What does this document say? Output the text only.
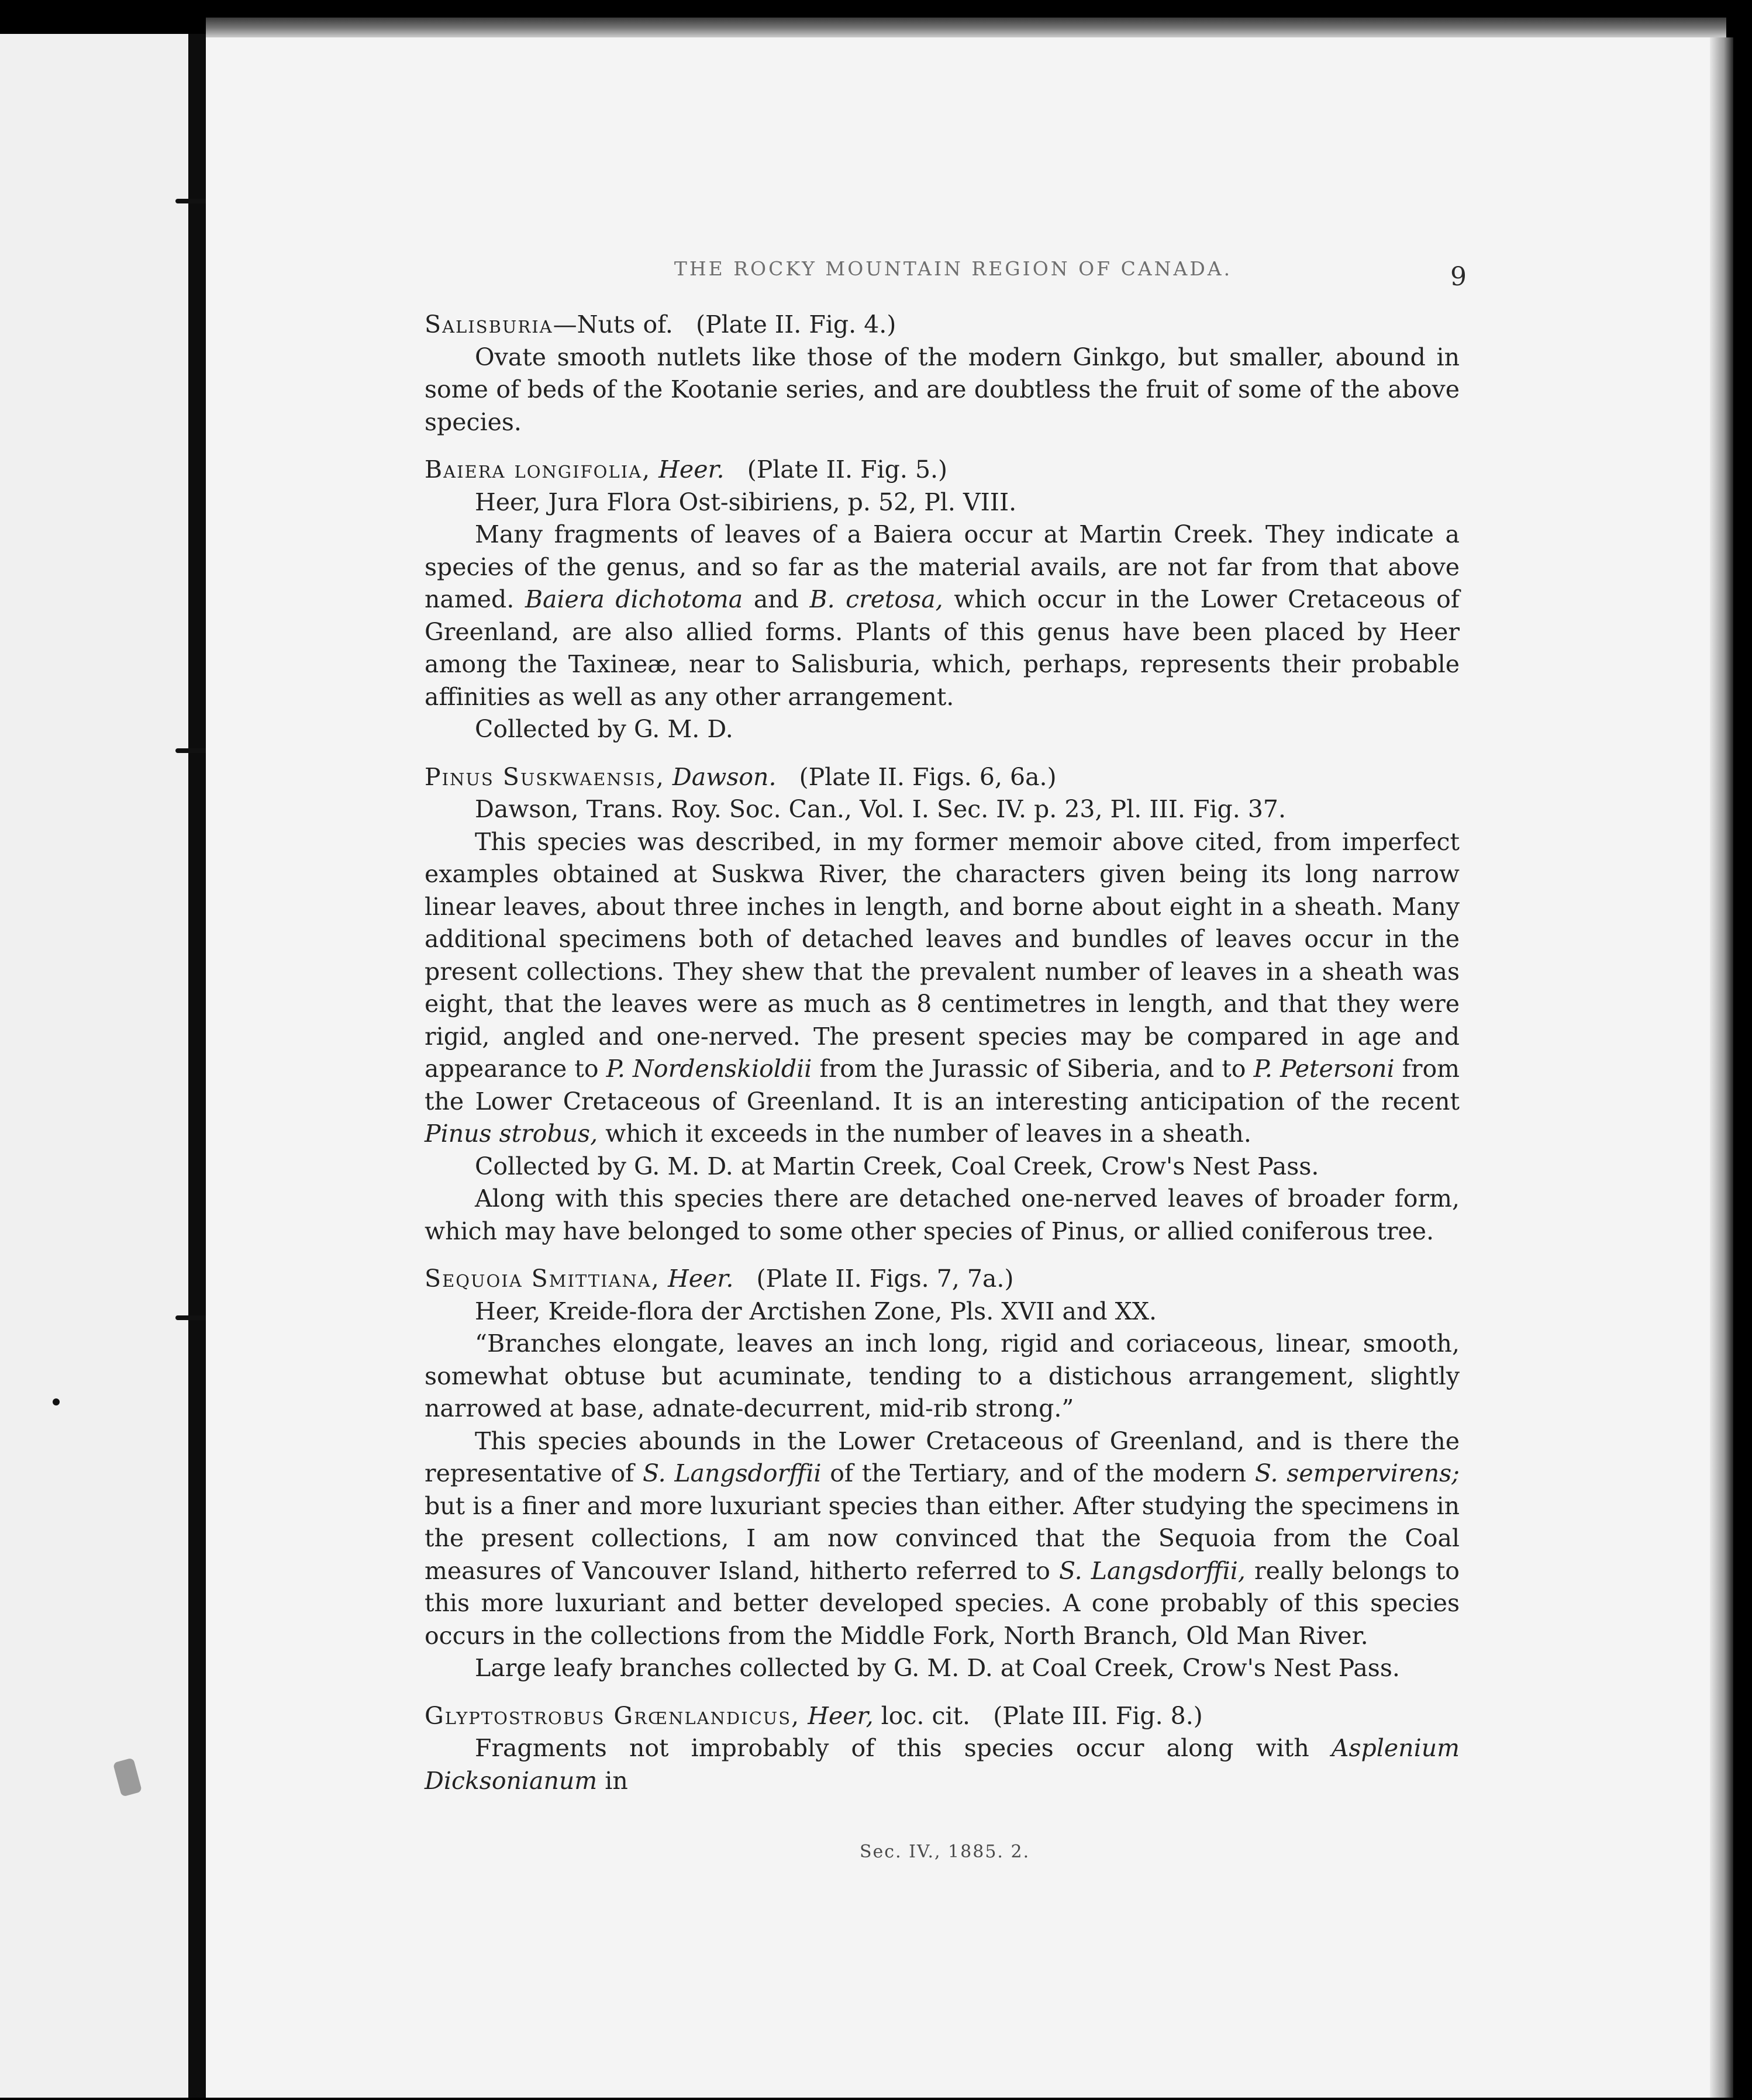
THE ROCKY MOUNTAIN REGION OF CANADA.	9

Salisburia—Nuts of. (Plate II. Fig. 4.)

Ovate smooth nutlets like those of the modern Ginkgo, but smaller, abound in some of beds of the Kootanie series, and are doubtless the fruit of some of the above species.

Baiera longifolia, Heer. (Plate II. Fig. 5.)

Heer, Jura Flora Ost-sibiriens, p. 52, Pl. VIII.

Many fragments of leaves of a Baiera occur at Martin Creek. They indicate a species of the genus, and so far as the material avails, are not far from that above named. Baiera dichotoma and B. cretosa, which occur in the Lower Cretaceous of Greenland, are also allied forms. Plants of this genus have been placed by Heer among the Taxineæ, near to Salisburia, which, perhaps, represents their probable affinities as well as any other arrangement.

Collected by G. M. D.

Pinus Suskwaensis, Dawson. (Plate II. Figs. 6, 6a.)

Dawson, Trans. Roy. Soc. Can., Vol. I. Sec. IV. p. 23, Pl. III. Fig. 37.

This species was described, in my former memoir above cited, from imperfect examples obtained at Suskwa River, the characters given being its long narrow linear leaves, about three inches in length, and borne about eight in a sheath. Many additional specimens both of detached leaves and bundles of leaves occur in the present collections. They shew that the prevalent number of leaves in a sheath was eight, that the leaves were as much as 8 centimetres in length, and that they were rigid, angled and one-nerved. The present species may be compared in age and appearance to P. Nordenskioldii from the Jurassic of Siberia, and to P. Petersoni from the Lower Cretaceous of Greenland. It is an interesting anticipation of the recent Pinus strobus, which it exceeds in the number of leaves in a sheath.

Collected by G. M. D. at Martin Creek, Coal Creek, Crow's Nest Pass.

Along with this species there are detached one-nerved leaves of broader form, which may have belonged to some other species of Pinus, or allied coniferous tree.

Sequoia Smittiana, Heer. (Plate II. Figs. 7, 7a.)

Heer, Kreide-flora der Arctishen Zone, Pls. XVII and XX.

“Branches elongate, leaves an inch long, rigid and coriaceous, linear, smooth, somewhat obtuse but acuminate, tending to a distichous arrangement, slightly narrowed at base, adnate-decurrent, mid-rib strong.”

This species abounds in the Lower Cretaceous of Greenland, and is there the representative of S. Langsdorffii of the Tertiary, and of the modern S. sempervirens; but is a finer and more luxuriant species than either. After studying the specimens in the present collections, I am now convinced that the Sequoia from the Coal measures of Vancouver Island, hitherto referred to S. Langsdorffii, really belongs to this more luxuriant and better developed species. A cone probably of this species occurs in the collections from the Middle Fork, North Branch, Old Man River.

Large leafy branches collected by G. M. D. at Coal Creek, Crow's Nest Pass.

Glyptostrobus Grœnlandicus, Heer, loc. cit. (Plate III. Fig. 8.)

Fragments not improbably of this species occur along with Asplenium Dicksonianum in

Sec. IV., 1885. 2.
